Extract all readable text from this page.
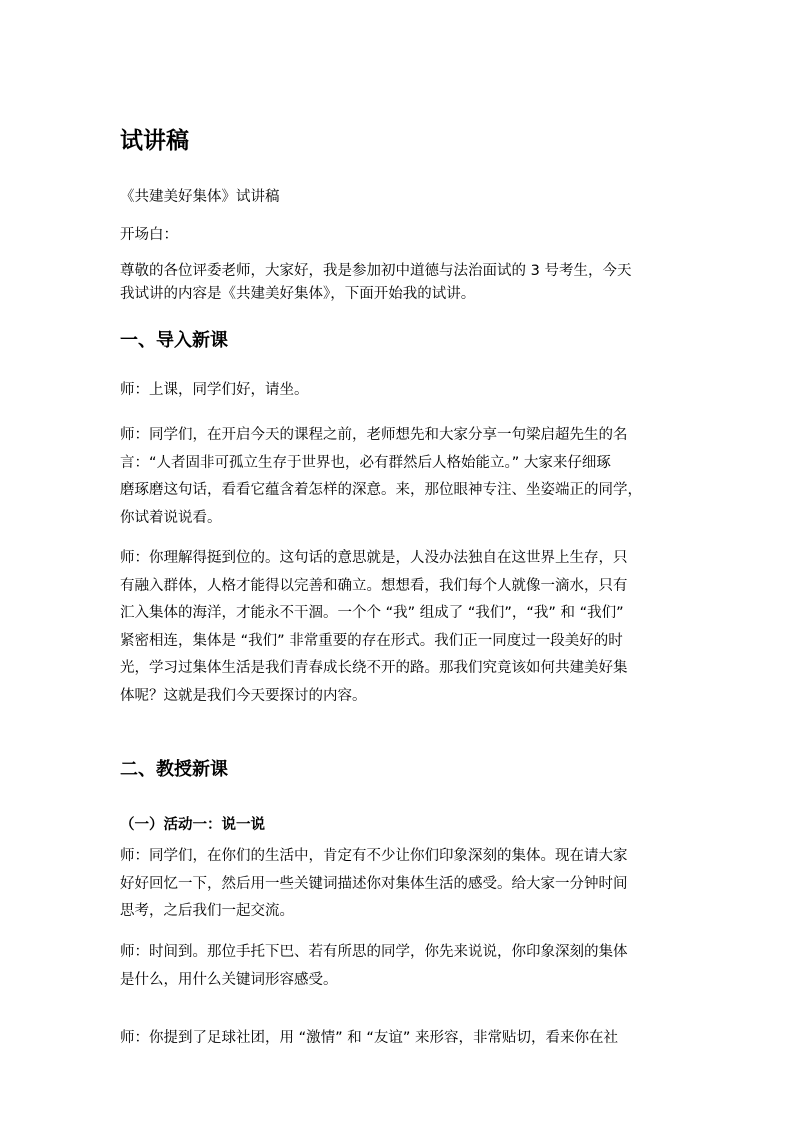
试讲稿

《共建美好集体》试讲稿

开场白：

尊敬的各位评委老师，大家好，我是参加初中道德与法治面试的 3 号考生，今天
我试讲的内容是《共建美好集体》，下面开始我的试讲。
一、导入新课

师：上课，同学们好，请坐。

师：同学们，在开启今天的课程之前，老师想先和大家分享一句梁启超先生的名
言：“人者固非可孤立生存于世界也，必有群然后人格始能立。” 大家来仔细琢
磨琢磨这句话，看看它蕴含着怎样的深意。来，那位眼神专注、坐姿端正的同学，
你试着说说看。
师：你理解得挺到位的。这句话的意思就是，人没办法独自在这世界上生存，只
有融入群体，人格才能得以完善和确立。想想看，我们每个人就像一滴水，只有
汇入集体的海洋，才能永不干涸。一个个 “我” 组成了 “我们”，“我” 和 “我们”
紧密相连，集体是 “我们” 非常重要的存在形式。我们正一同度过一段美好的时
光，学习过集体生活是我们青春成长绕不开的路。那我们究竟该如何共建美好集
体呢？这就是我们今天要探讨的内容。
二、教授新课
（一）活动一：说一说
师：同学们，在你们的生活中，肯定有不少让你们印象深刻的集体。现在请大家
好好回忆一下，然后用一些关键词描述你对集体生活的感受。给大家一分钟时间
思考，之后我们一起交流。
师：时间到。那位手托下巴、若有所思的同学，你先来说说，你印象深刻的集体
是什么，用什么关键词形容感受。
师：你提到了足球社团，用 “激情” 和 “友谊” 来形容，非常贴切，看来你在社
